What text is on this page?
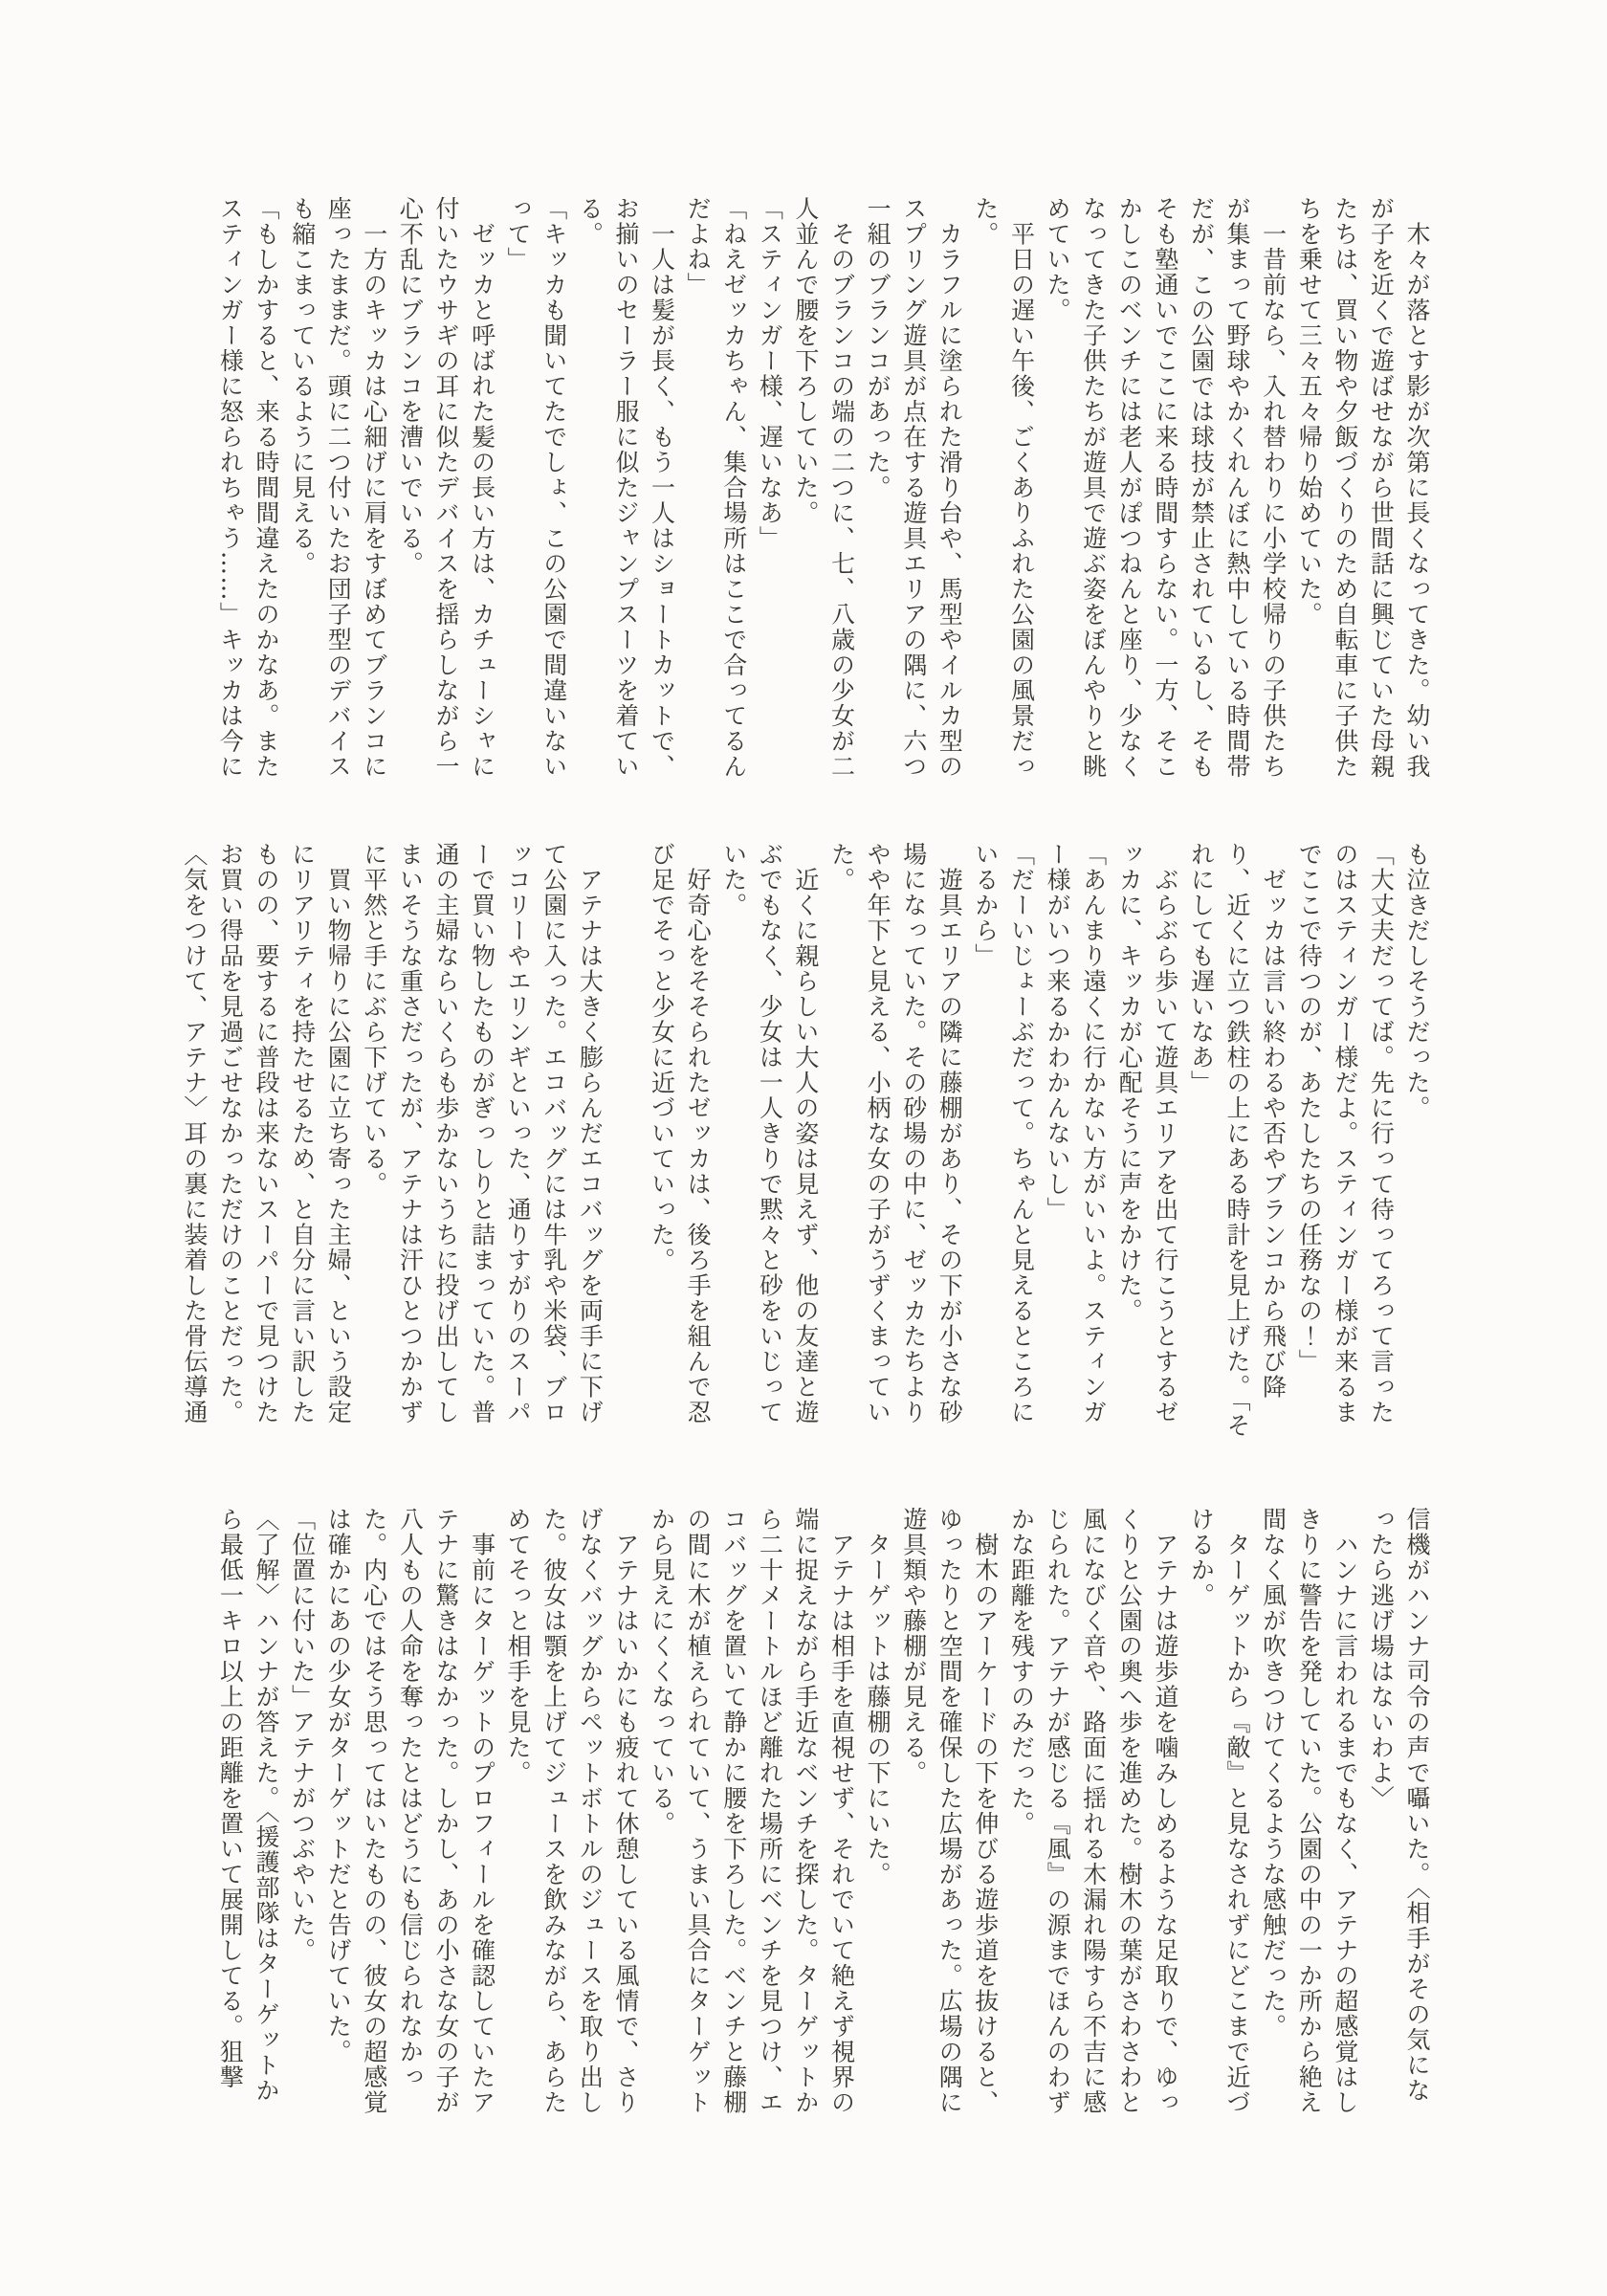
　木々が落とす影が次第に長くなってきた。幼い我が子を近くで遊ばせながら世間話に興じていた母親たちは、買い物や夕飯づくりのため自転車に子供たちを乗せて三々五々帰り始めていた。

　一昔前なら、入れ替わりに小学校帰りの子供たちが集まって野球やかくれんぼに熱中している時間帯だが、この公園では球技が禁止されているし、そもそも塾通いでここに来る時間すらない。一方、そこかしこのベンチには老人がぽつねんと座り、少なくなってきた子供たちが遊具で遊ぶ姿をぼんやりと眺めていた。

　平日の遅い午後、ごくありふれた公園の風景だった。

　カラフルに塗られた滑り台や、馬型やイルカ型のスプリング遊具が点在する遊具エリアの隅に、六つ一組のブランコがあった。

　そのブランコの端の二つに、七、八歳の少女が二人並んで腰を下ろしていた。

「スティンガー様、遅いなあ」

「ねえゼッカちゃん、集合場所はここで合ってるんだよね」

　一人は髪が長く、もう一人はショートカットで、お揃いのセーラー服に似たジャンプスーツを着ている。

「キッカも聞いてたでしょ、この公園で間違いないって」

　ゼッカと呼ばれた髪の長い方は、カチューシャに付いたウサギの耳に似たデバイスを揺らしながら一心不乱にブランコを漕いでいる。

　一方のキッカは心細げに肩をすぼめてブランコに座ったままだ。頭に二つ付いたお団子型のデバイスも縮こまっているように見える。

「もしかすると、来る時間間違えたのかなあ。またスティンガー様に怒られちゃう……」キッカは今に

も泣きだしそうだった。

「大丈夫だってば。先に行って待ってろって言ったのはスティンガー様だよ。スティンガー様が来るまでここで待つのが、あたしたちの任務なの！」

　ゼッカは言い終わるや否やブランコから飛び降り、近くに立つ鉄柱の上にある時計を見上げた。「それにしても遅いなあ」

　ぶらぶら歩いて遊具エリアを出て行こうとするゼッカに、キッカが心配そうに声をかけた。

「あんまり遠くに行かない方がいいよ。スティンガー様がいつ来るかわかんないし」

「だーいじょーぶだって。ちゃんと見えるところにいるから」

　遊具エリアの隣に藤棚があり、その下が小さな砂場になっていた。その砂場の中に、ゼッカたちよりやや年下と見える、小柄な女の子がうずくまっていた。

　近くに親らしい大人の姿は見えず、他の友達と遊ぶでもなく、少女は一人きりで黙々と砂をいじっていた。

　好奇心をそそられたゼッカは、後ろ手を組んで忍び足でそっと少女に近づいていった。

　アテナは大きく膨らんだエコバッグを両手に下げて公園に入った。エコバッグには牛乳や米袋、ブロッコリーやエリンギといった、通りすがりのスーパーで買い物したものがぎっしりと詰まっていた。普通の主婦ならいくらも歩かないうちに投げ出してしまいそうな重さだったが、アテナは汗ひとつかかずに平然と手にぶら下げている。

　買い物帰りに公園に立ち寄った主婦、という設定にリアリティを持たせるため、と自分に言い訳したものの、要するに普段は来ないスーパーで見つけたお買い得品を見過ごせなかっただけのことだった。

〈気をつけて、アテナ〉耳の裏に装着した骨伝導通

信機がハンナ司令の声で囁いた。〈相手がその気になったら逃げ場はないわよ〉

　ハンナに言われるまでもなく、アテナの超感覚はしきりに警告を発していた。公園の中の一か所から絶え間なく風が吹きつけてくるような感触だった。

　ターゲットから『敵』と見なされずにどこまで近づけるか。

　アテナは遊歩道を噛みしめるような足取りで、ゆっくりと公園の奥へ歩を進めた。樹木の葉がさわさわと風になびく音や、路面に揺れる木漏れ陽すら不吉に感じられた。アテナが感じる『風』の源までほんのわずかな距離を残すのみだった。

　樹木のアーケードの下を伸びる遊歩道を抜けると、ゆったりと空間を確保した広場があった。広場の隅に遊具類や藤棚が見える。

　ターゲットは藤棚の下にいた。

　アテナは相手を直視せず、それでいて絶えず視界の端に捉えながら手近なベンチを探した。ターゲットから二十メートルほど離れた場所にベンチを見つけ、エコバッグを置いて静かに腰を下ろした。ベンチと藤棚の間に木が植えられていて、うまい具合にターゲットから見えにくくなっている。

　アテナはいかにも疲れて休憩している風情で、さりげなくバッグからペットボトルのジュースを取り出した。彼女は顎を上げてジュースを飲みながら、あらためてそっと相手を見た。

　事前にターゲットのプロフィールを確認していたアテナに驚きはなかった。しかし、あの小さな女の子が八人もの人命を奪ったとはどうにも信じられなかった。内心ではそう思ってはいたものの、彼女の超感覚は確かにあの少女がターゲットだと告げていた。

「位置に付いた」アテナがつぶやいた。

〈了解〉ハンナが答えた。〈援護部隊はターゲットから最低一キロ以上の距離を置いて展開してる。狙撃
